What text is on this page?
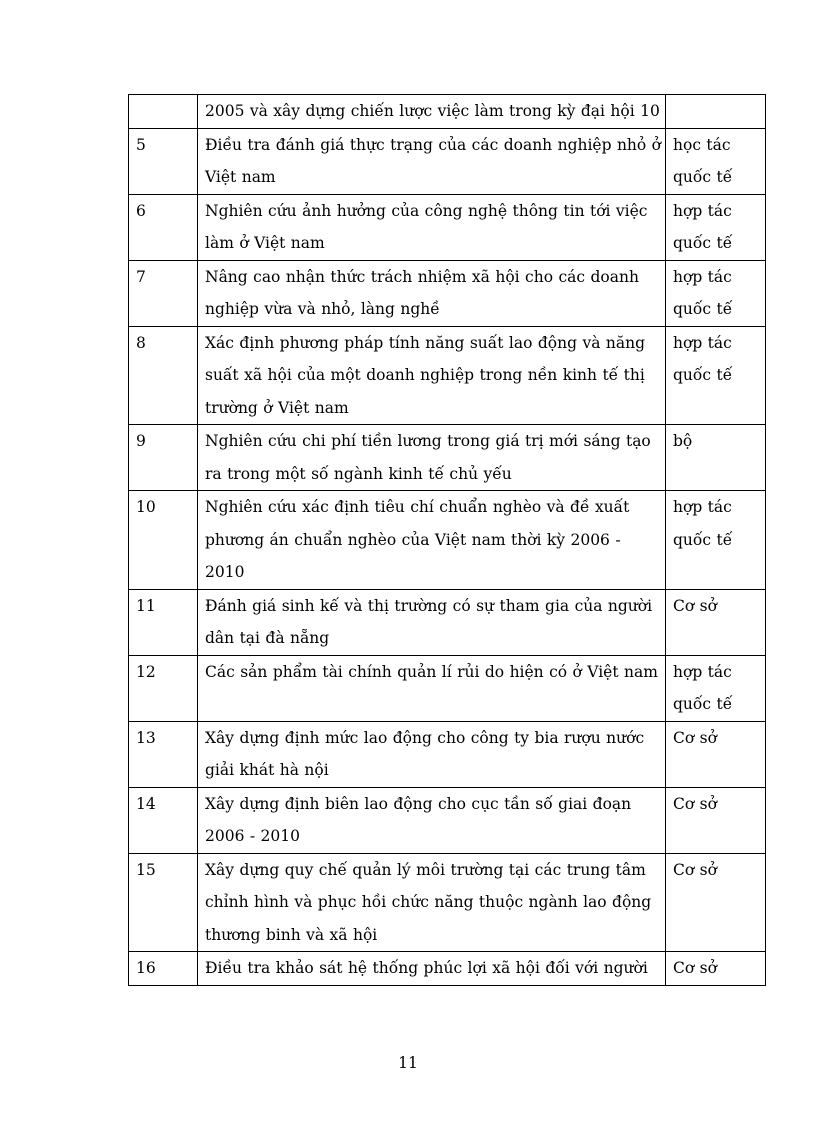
	2005 và xây dựng chiến lược việc làm trong kỳ đại hội 10	
5	Điều tra đánh giá thực trạng của các doanh nghiệp nhỏ ở Việt nam	học tác quốc tế
6	Nghiên cứu ảnh hưởng của công nghệ thông tin tới việc làm ở Việt nam	hợp tác quốc tế
7	Nâng cao nhận thức trách nhiệm xã hội cho các doanh nghiệp vừa và nhỏ, làng nghề	hợp tác quốc tế
8	Xác định phương pháp tính năng suất lao động và năng suất xã hội của một doanh nghiệp trong nền kinh tế thị trường ở Việt nam	hợp tác quốc tế
9	Nghiên cứu chi phí tiền lương trong giá trị mới sáng tạo ra trong một số ngành kinh tế chủ yếu	bộ
10	Nghiên cứu xác định tiêu chí chuẩn nghèo và đề xuất phương án chuẩn nghèo của Việt nam thời kỳ 2006 - 2010	hợp tác quốc tế
11	Đánh giá sinh kế và thị trường có sự tham gia của người dân tại đà nẵng	Cơ sở
12	Các sản phẩm tài chính quản lí rủi do hiện có ở Việt nam	hợp tác quốc tế
13	Xây dựng định mức lao động cho công ty bia rượu nước giải khát hà nội	Cơ sở
14	Xây dựng định biên lao động cho cục tần số giai đoạn 2006 - 2010	Cơ sở
15	Xây dựng quy chế quản lý môi trường tại các trung tâm chỉnh hình và phục hồi chức năng thuộc ngành lao động thương binh và xã hội	Cơ sở
16	Điều tra khảo sát hệ thống phúc lợi xã hội đối với người	Cơ sở
11
